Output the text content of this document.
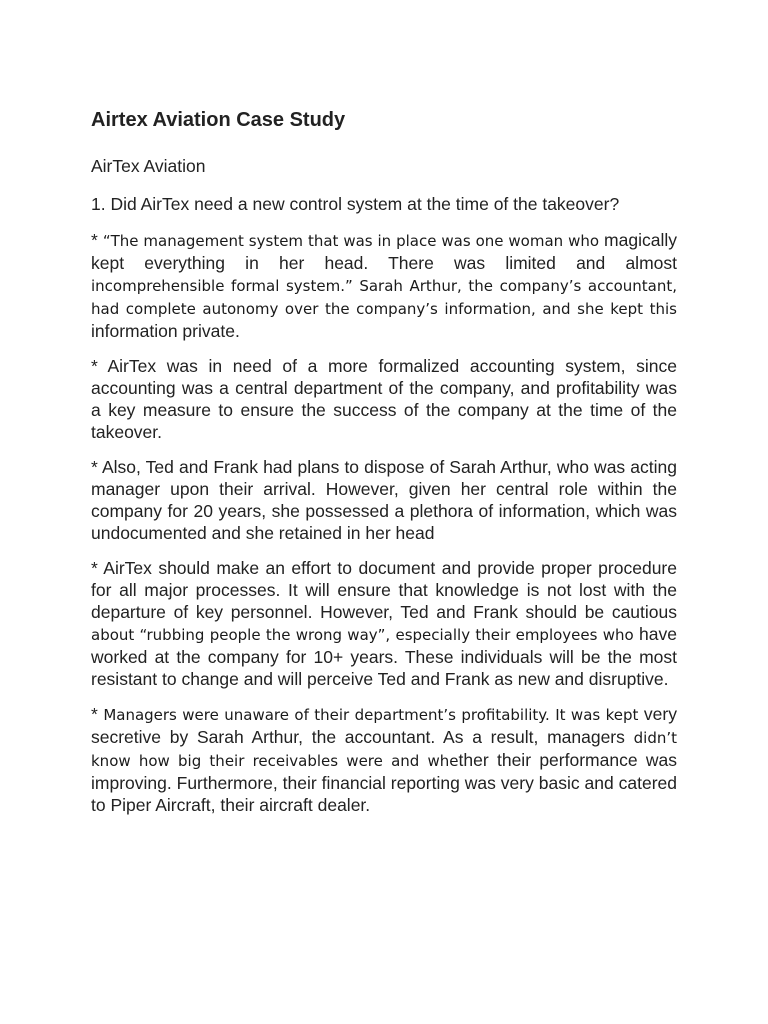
Airtex Aviation Case Study

AirTex Aviation

1. Did AirTex need a new control system at the time of the takeover?

* “The management system that was in place was one woman who magically kept everything in her head. There was limited and almost incomprehensible formal system.” Sarah Arthur, the company’s accountant, had complete autonomy over the company’s information, and she kept this information private.

* AirTex was in need of a more formalized accounting system, since accounting was a central department of the company, and profitability was a key measure to ensure the success of the company at the time of the takeover.

* Also, Ted and Frank had plans to dispose of Sarah Arthur, who was acting manager upon their arrival. However, given her central role within the company for 20 years, she possessed a plethora of information, which was undocumented and she retained in her head

* AirTex should make an effort to document and provide proper procedure for all major processes. It will ensure that knowledge is not lost with the departure of key personnel. However, Ted and Frank should be cautious about “rubbing people the wrong way”, especially their employees who have worked at the company for 10+ years. These individuals will be the most resistant to change and will perceive Ted and Frank as new and disruptive.

* Managers were unaware of their department’s profitability. It was kept very secretive by Sarah Arthur, the accountant. As a result, managers didn’t know how big their receivables were and whether their performance was improving. Furthermore, their financial reporting was very basic and catered to Piper Aircraft, their aircraft dealer.
